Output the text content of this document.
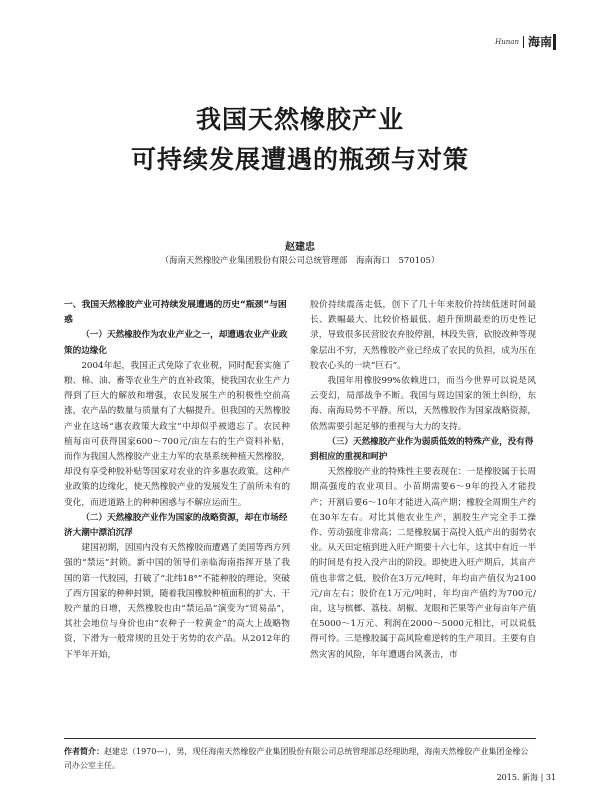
Hunan 海南
我国天然橡胶产业
可持续发展遭遇的瓶颈与对策
赵建忠
（海南天然橡胶产业集团股份有限公司总统管理部　海南海口　570105）
一、我国天然橡胶产业可持续发展遭遇的历史“瓶颈”与困惑
（一）天然橡胶作为农业产业之一，却遭遇农业产业政策的边缘化

2004年起，我国正式免除了农业税，同时配套实施了粮、棉、油、畜等农业生产的直补政策，使我国农业生产力得到了巨大的解放和增强，农民发展生产的积极性空前高涨，农产品的数量与质量有了大幅提升。但我国的天然橡胶产业在这场“惠农政策大政宝”中却似乎被遗忘了。农民种植每亩可获得国家600～700元/亩左右的生产资料补贴，而作为我国人然橡胶产业主力军的农垦系统种植天然橡胶，却没有享受种胶补贴等国家对农业的许多惠农政策。这种产业政策的边缘化，使天然橡胶产业的发展发生了前所未有的变化，而进道路上的种种困惑与不解应运而生。

（二）天然橡胶产业作为国家的战略资源，却在市场经济大潮中漂泊沉浮

建国初期，因国内没有天然橡胶而遭遇了美国等西方列强的“禁运”封锁。新中国的领导们亲临海南指挥开垦了我国的第一代胶园，打破了“北纬18°”不能种胶的理论，突破了西方国家的种种封锁，随着我国橡胶种植面积的扩大、干胶产量的日增，天然橡胶也由“禁运品”演变为“贸易品”，其社会地位与身价也由“农种子一粒黄金”的高大上战略物资，下滑为一般常规的且处于劣势的农产品。从2012年的下半年开始，

胶价持续震荡走低，创下了几十年来胶价持续低迷时间最长、跌幅最大、比较价格最低、超升预期最差的历史性记录，导致很多民营胶农弃胶停割，林段失管，砍胶改种等现象层出不穷，天然橡胶产业已经成了农民的负担，成为压在胶农心头的一块“巨石”。

我国年用橡胶99%依赖进口，而当今世界可以说是风云变幻，局部战争不断。我国与周边国家的领土纠纷，东海、南海局势不平静。所以，天然橡胶作为国家战略资源，依然需要引起足够的重视与大力的支持。

（三）天然橡胶产业作为弱质低效的特殊产业，没有得到相应的重视和呵护

天然橡胶产业的特殊性主要表现在：一是橡胶属于长周期高强度的农业项目。小苗期需要6～9年的投入才能投产；开割后要6～10年才能进入高产期；橡胶全周期生产约在30年左右。对比其他农业生产，割胶生产完全手工操作、劳动强度非常高；二是橡胶属于高投入低产出的弱势农业。从天田定植到进入旺产期要十六七年，这其中有近一半的时间是有投入没产出的阶段。即使进入旺产期后，其亩产值也非常之低，胶价在3万元/吨时，年均亩产值仅为2100元/亩左右；胶价在1万元/吨时，年均亩产值约为700元/亩，这与槟榔、荔枝、胡椒、龙眼和芒果等产业每亩年产值在5000～1万元、利润在2000～5000元相比，可以说低得可怜。三是橡胶属于高风险难逆转的生产项目。主要有自然灾害的风险，年年遭遇台风袭击，市

作者简介：赵建忠（1970—），男，现任海南天然橡胶产业集团股份有限公司总统管理部总经理助理，海南天然橡胶产业集团金橡公司办公室主任。
2015. 新海 | 31
